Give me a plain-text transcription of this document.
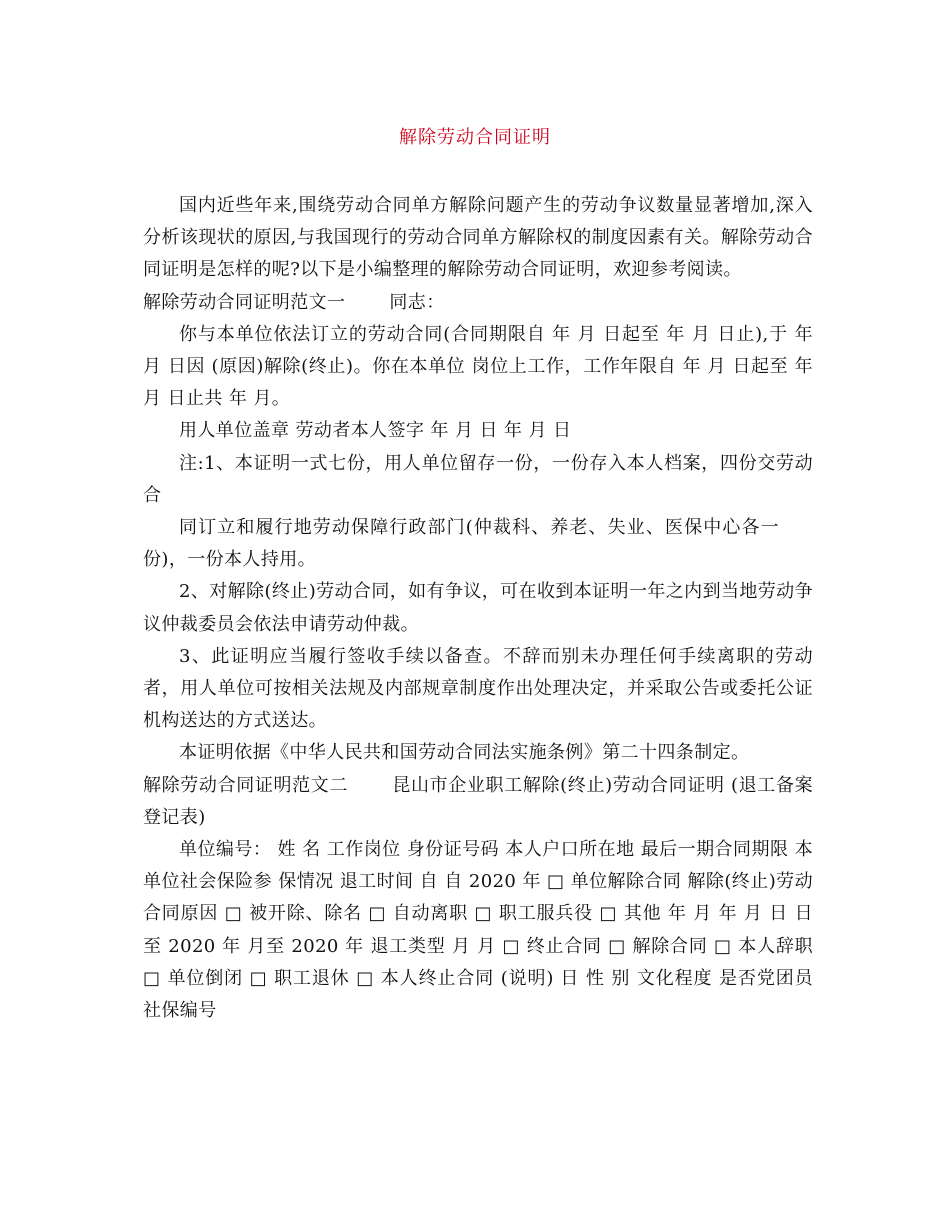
解除劳动合同证明

国内近些年来,围绕劳动合同单方解除问题产生的劳动争议数量显著增加,深入分析该现状的原因,与我国现行的劳动合同单方解除权的制度因素有关。解除劳动合同证明是怎样的呢?以下是小编整理的解除劳动合同证明，欢迎参考阅读。

解除劳动合同证明范文一 同志：

你与本单位依法订立的劳动合同(合同期限自 年 月 日起至 年 月 日止),于 年 月 日因 (原因)解除(终止)。你在本单位 岗位上工作，工作年限自 年 月 日起至 年 月 日止共 年 月。

用人单位盖章 劳动者本人签字 年 月 日 年 月 日

注:1、本证明一式七份，用人单位留存一份，一份存入本人档案，四份交劳动合

同订立和履行地劳动保障行政部门(仲裁科、养老、失业、医保中心各一份)，一份本人持用。

2、对解除(终止)劳动合同，如有争议，可在收到本证明一年之内到当地劳动争议仲裁委员会依法申请劳动仲裁。

3、此证明应当履行签收手续以备查。不辞而别未办理任何手续离职的劳动者，用人单位可按相关法规及内部规章制度作出处理决定，并采取公告或委托公证机构送达的方式送达。

本证明依据《中华人民共和国劳动合同法实施条例》第二十四条制定。

解除劳动合同证明范文二 昆山市企业职工解除(终止)劳动合同证明 (退工备案登记表)

单位编号： 姓 名 工作岗位 身份证号码 本人户口所在地 最后一期合同期限 本单位社会保险参 保情况 退工时间 自 自 2020 年 □ 单位解除合同 解除(终止)劳动合同原因 □ 被开除、除名 □ 自动离职 □ 职工服兵役 □ 其他 年 月 年 月 日 日至 2020 年 月至 2020 年 退工类型 月 月 □ 终止合同 □ 解除合同 □ 本人辞职 □ 单位倒闭 □ 职工退休 □ 本人终止合同 (说明) 日 性 别 文化程度 是否党团员 社保编号
